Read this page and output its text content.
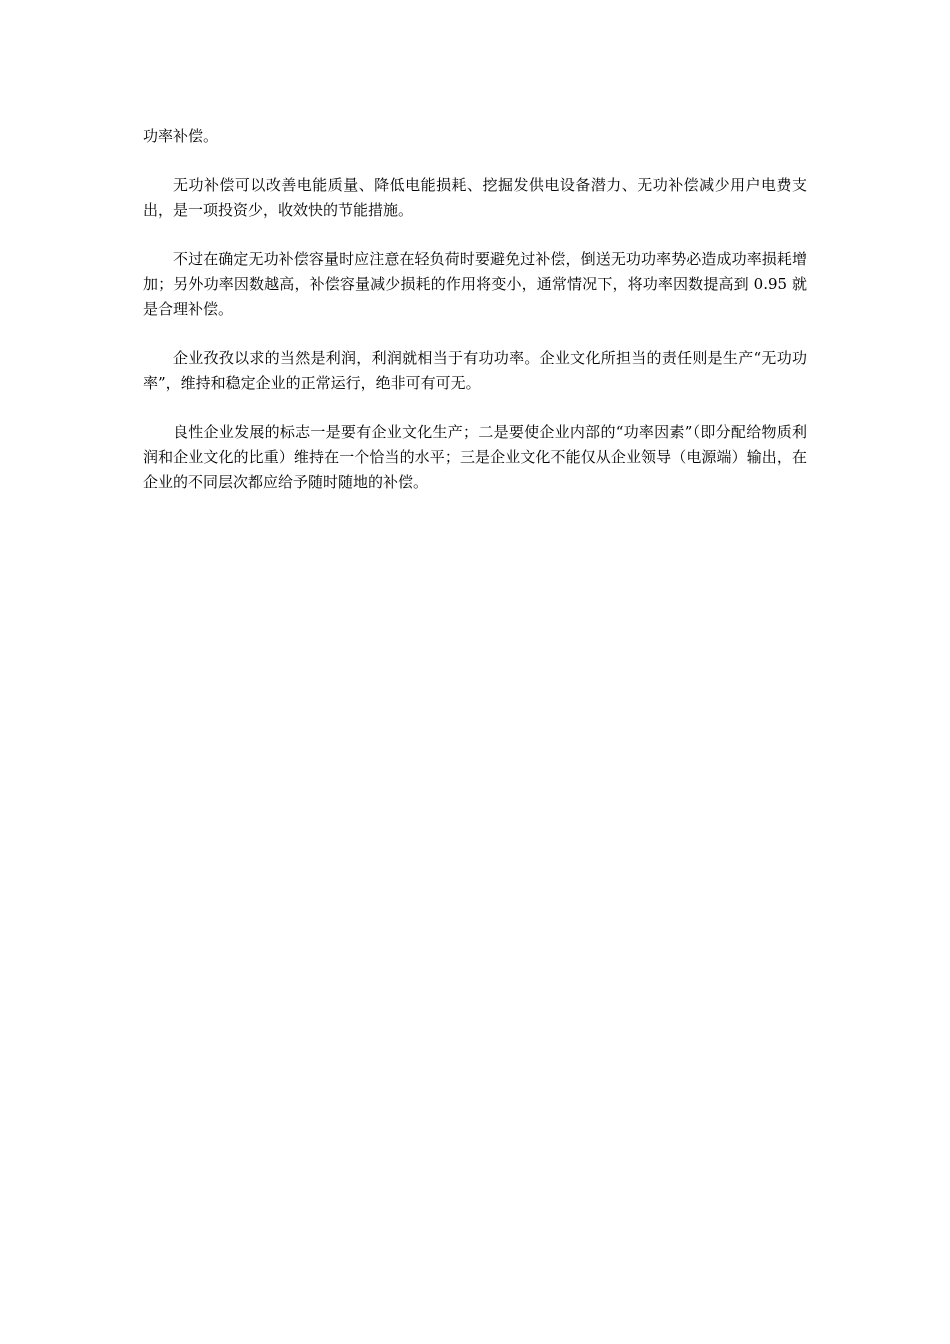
功率补偿。

无功补偿可以改善电能质量、降低电能损耗、挖掘发供电设备潜力、无功补偿减少用户电费支出，是一项投资少，收效快的节能措施。

不过在确定无功补偿容量时应注意在轻负荷时要避免过补偿，倒送无功功率势必造成功率损耗增加；另外功率因数越高，补偿容量减少损耗的作用将变小，通常情况下，将功率因数提高到 0.95 就是合理补偿。

企业孜孜以求的当然是利润，利润就相当于有功功率。企业文化所担当的责任则是生产“无功功率”，维持和稳定企业的正常运行，绝非可有可无。

良性企业发展的标志一是要有企业文化生产；二是要使企业内部的“功率因素”（即分配给物质利润和企业文化的比重）维持在一个恰当的水平；三是企业文化不能仅从企业领导（电源端）输出，在企业的不同层次都应给予随时随地的补偿。
